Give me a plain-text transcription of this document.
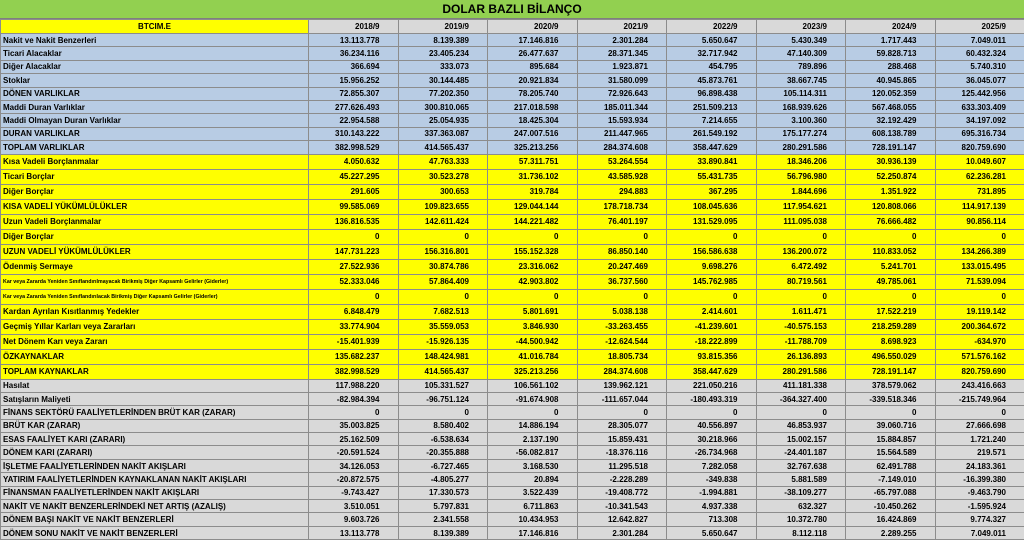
DOLAR BAZLI BİLANÇO
BTCIM.E	2018/9	2019/9	2020/9	2021/9	2022/9	2023/9	2024/9	2025/9
Nakit ve Nakit Benzerleri	13.113.778	8.139.389	17.146.816	2.301.284	5.650.647	5.430.349	1.717.443	7.049.011
Ticari Alacaklar	36.234.116	23.405.234	26.477.637	28.371.345	32.717.942	47.140.309	59.828.713	60.432.324
Diğer Alacaklar	366.694	333.073	895.684	1.923.871	454.795	789.896	288.468	5.740.310
Stoklar	15.956.252	30.144.485	20.921.834	31.580.099	45.873.761	38.667.745	40.945.865	36.045.077
DÖNEN VARLIKLAR	72.855.307	77.202.350	78.205.740	72.926.643	96.898.438	105.114.311	120.052.359	125.442.956
Maddi Duran Varlıklar	277.626.493	300.810.065	217.018.598	185.011.344	251.509.213	168.939.626	567.468.055	633.303.409
Maddi Olmayan Duran Varlıklar	22.954.588	25.054.935	18.425.304	15.593.934	7.214.655	3.100.360	32.192.429	34.197.092
DURAN VARLIKLAR	310.143.222	337.363.087	247.007.516	211.447.965	261.549.192	175.177.274	608.138.789	695.316.734
TOPLAM VARLIKLAR	382.998.529	414.565.437	325.213.256	284.374.608	358.447.629	280.291.586	728.191.147	820.759.690
Kısa Vadeli Borçlanmalar	4.050.632	47.763.333	57.311.751	53.264.554	33.890.841	18.346.206	30.936.139	10.049.607
Ticari Borçlar	45.227.295	30.523.278	31.736.102	43.585.928	55.431.735	56.796.980	52.250.874	62.236.281
Diğer Borçlar	291.605	300.653	319.784	294.883	367.295	1.844.696	1.351.922	731.895
KISA VADELİ YÜKÜMLÜLÜKLER	99.585.069	109.823.655	129.044.144	178.718.734	108.045.636	117.954.621	120.808.066	114.917.139
Uzun Vadeli Borçlanmalar	136.816.535	142.611.424	144.221.482	76.401.197	131.529.095	111.095.038	76.666.482	90.856.114
Diğer Borçlar	0	0	0	0	0	0	0	0
UZUN VADELİ YÜKÜMLÜLÜKLER	147.731.223	156.316.801	155.152.328	86.850.140	156.586.638	136.200.072	110.833.052	134.266.389
Ödenmiş Sermaye	27.522.936	30.874.786	23.316.062	20.247.469	9.698.276	6.472.492	5.241.701	133.015.495
Kar veya Zararda Yeniden Sınıflandırılmayacak Birikmiş Diğer Kapsamlı Gelirler (Giderler)	52.333.046	57.864.409	42.903.802	36.737.560	145.762.985	80.719.561	49.785.061	71.539.094
Kar veya Zararda Yeniden Sınıflandırılacak Birikmiş Diğer Kapsamlı Gelirler (Giderler)	0	0	0	0	0	0	0	0
Kardan Ayrılan Kısıtlanmış Yedekler	6.848.479	7.682.513	5.801.691	5.038.138	2.414.601	1.611.471	17.522.219	19.119.142
Geçmiş Yıllar Karları veya Zararları	33.774.904	35.559.053	3.846.930	-33.263.455	-41.239.601	-40.575.153	218.259.289	200.364.672
Net Dönem Karı veya Zararı	-15.401.939	-15.926.135	-44.500.942	-12.624.544	-18.222.899	-11.788.709	8.698.923	-634.970
ÖZKAYNAKLAR	135.682.237	148.424.981	41.016.784	18.805.734	93.815.356	26.136.893	496.550.029	571.576.162
TOPLAM KAYNAKLAR	382.998.529	414.565.437	325.213.256	284.374.608	358.447.629	280.291.586	728.191.147	820.759.690
Hasılat	117.988.220	105.331.527	106.561.102	139.962.121	221.050.216	411.181.338	378.579.062	243.416.663
Satışların Maliyeti	-82.984.394	-96.751.124	-91.674.908	-111.657.044	-180.493.319	-364.327.400	-339.518.346	-215.749.964
FİNANS SEKTÖRÜ FAALİYETLERİNDEN BRÜT KAR (ZARAR)	0	0	0	0	0	0	0	0
BRÜT KAR (ZARAR)	35.003.825	8.580.402	14.886.194	28.305.077	40.556.897	46.853.937	39.060.716	27.666.698
ESAS FAALİYET KARI (ZARARI)	25.162.509	-6.538.634	2.137.190	15.859.431	30.218.966	15.002.157	15.884.857	1.721.240
DÖNEM KARI (ZARARI)	-20.591.524	-20.355.888	-56.082.817	-18.376.116	-26.734.968	-24.401.187	15.564.589	219.571
İŞLETME FAALİYETLERİNDEN NAKİT AKIŞLARI	34.126.053	-6.727.465	3.168.530	11.295.518	7.282.058	32.767.638	62.491.788	24.183.361
YATIRIM FAALİYETLERİNDEN KAYNAKLANAN NAKİT AKIŞLARI	-20.872.575	-4.805.277	20.894	-2.228.289	-349.838	5.881.589	-7.149.010	-16.399.380
FİNANSMAN FAALİYETLERİNDEN NAKİT AKIŞLARI	-9.743.427	17.330.573	3.522.439	-19.408.772	-1.994.881	-38.109.277	-65.797.088	-9.463.790
NAKİT VE NAKİT BENZERLERİNDEKİ NET ARTIŞ (AZALIŞ)	3.510.051	5.797.831	6.711.863	-10.341.543	4.937.338	632.327	-10.450.262	-1.595.924
DÖNEM BAŞI NAKİT VE NAKİT BENZERLERİ	9.603.726	2.341.558	10.434.953	12.642.827	713.308	10.372.780	16.424.869	9.774.327
DÖNEM SONU NAKİT VE NAKİT BENZERLERİ	13.113.778	8.139.389	17.146.816	2.301.284	5.650.647	8.112.118	2.289.255	7.049.011
